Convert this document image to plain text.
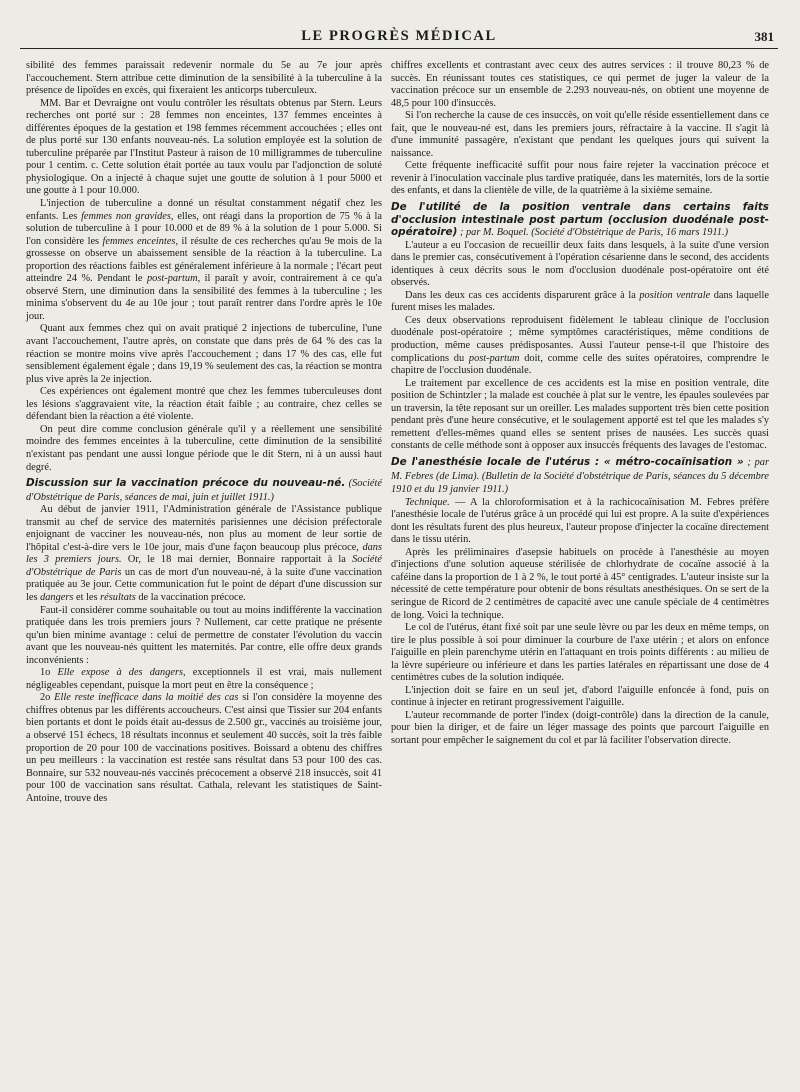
LE PROGRÈS MÉDICAL	381

sibilité des femmes paraissait redevenir normale du 5e au 7e jour après l'accouchement. Stern attribue cette diminution de la sensibilité à la tuberculine à la présence de lipoïdes en excès, qui fixeraient les anticorps tuberculeux.

MM. Bar et Devraigne ont voulu contrôler les résultats obtenus par Stern. Leurs recherches ont porté sur : 28 femmes non enceintes, 137 femmes enceintes à différentes époques de la gestation et 198 femmes récemment accouchées ; elles ont de plus porté sur 130 enfants nouveau-nés. La solution employée est la solution de tuberculine préparée par l'Institut Pasteur à raison de 10 milligrammes de tuberculine pour 1 centim. c. Cette solution était portée au taux voulu par l'adjonction de soluté physiologique. On a injecté à chaque sujet une goutte de solution à 1 pour 5000 et une goutte à 1 pour 10.000.

L'injection de tuberculine a donné un résultat constamment négatif chez les enfants. Les femmes non gravides, elles, ont réagi dans la proportion de 75 % à la solution de tuberculine à 1 pour 10.000 et de 89 % à la solution de 1 pour 5.000. Si l'on considère les femmes enceintes, il résulte de ces recherches qu'au 9e mois de la grossesse on observe un abaissement sensible de la réaction à la tuberculine. La proportion des réactions faibles est généralement inférieure à la normale ; l'écart peut atteindre 24 %. Pendant le post-partum, il paraît y avoir, contrairement à ce qu'a observé Stern, une diminution dans la sensibilité des femmes à la tuberculine ; les minima s'observent du 4e au 10e jour ; tout paraît rentrer dans l'ordre après le 10e jour.

Quant aux femmes chez qui on avait pratiqué 2 injections de tuberculine, l'une avant l'accouchement, l'autre après, on constate que dans près de 64 % des cas la réaction se montre moins vive après l'accouchement ; dans 17 % des cas, elle fut sensiblement également égale ; dans 19,19 % seulement des cas, la réaction se montra plus vive après la 2e injection.

Ces expériences ont également montré que chez les femmes tuberculeuses dont les lésions s'aggravaient vite, la réaction était faible ; au contraire, chez celles se défendant bien la réaction a été violente.

On peut dire comme conclusion générale qu'il y a réellement une sensibilité moindre des femmes enceintes à la tuberculine, cette diminution de la sensibilité n'existant pas pendant une aussi longue période que le dit Stern, ni à un aussi haut degré.

Discussion sur la vaccination précoce du nouveau-né. (Société d'Obstétrique de Paris, séances de mai, juin et juillet 1911.)

Au début de janvier 1911, l'Administration générale de l'Assistance publique transmit au chef de service des maternités parisiennes une décision préfectorale enjoignant de vacciner les nouveau-nés, non plus au moment de leur sortie de l'hôpital c'est-à-dire vers le 10e jour, mais d'une façon beaucoup plus précoce, dans les 3 premiers jours. Or, le 18 mai dernier, Bonnaire rapportait à la Société d'Obstétrique de Paris un cas de mort d'un nouveau-né, à la suite d'une vaccination pratiquée au 3e jour. Cette communication fut le point de départ d'une discussion sur les dangers et les résultats de la vaccination précoce.

Faut-il considérer comme souhaitable ou tout au moins indifférente la vaccination pratiquée dans les trois premiers jours ? Nullement, car cette pratique ne présente qu'un bien minime avantage : celui de permettre de constater l'évolution du vaccin avant que les nouveau-nés quittent les maternités. Par contre, elle offre deux grands inconvénients :

1o Elle expose à des dangers, exceptionnels il est vrai, mais nullement négligeables cependant, puisque la mort peut en être la conséquence ;

2o Elle reste inefficace dans la moitié des cas si l'on considère la moyenne des chiffres obtenus par les différents accoucheurs. C'est ainsi que Tissier sur 204 enfants bien portants et dont le poids était au-dessus de 2.500 gr., vaccinés au troisième jour, a observé 151 échecs, 18 résultats inconnus et seulement 40 succès, soit la très faible proportion de 20 pour 100 de vaccinations positives. Boissard a obtenu des chiffres un peu meilleurs : la vaccination est restée sans résultat dans 53 pour 100 des cas. Bonnaire, sur 532 nouveau-nés vaccinés précocement a observé 218 insuccès, soit 41 pour 100 de vaccination sans résultat. Cathala, relevant les statistiques de Saint-Antoine, trouve des

chiffres excellents et contrastant avec ceux des autres services : il trouve 80,23 % de succès. En réunissant toutes ces statistiques, ce qui permet de juger la valeur de la vaccination précoce sur un ensemble de 2.293 nouveau-nés, on obtient une moyenne de 48,5 pour 100 d'insuccès.

Si l'on recherche la cause de ces insuccès, on voit qu'elle réside essentiellement dans ce fait, que le nouveau-né est, dans les premiers jours, réfractaire à la vaccine. Il s'agit là d'une immunité passagère, n'existant que pendant les quelques jours qui suivent la naissance.

Cette fréquente inefficacité suffit pour nous faire rejeter la vaccination précoce et revenir à l'inoculation vaccinale plus tardive pratiquée, dans les maternités, lors de la sortie des enfants, et dans la clientèle de ville, de la quatrième à la sixième semaine.

De l'utilité de la position ventrale dans certains faits d'occlusion intestinale post partum (occlusion duodénale post-opératoire) ; par M. Boquel. (Société d'Obstétrique de Paris, 16 mars 1911.)

L'auteur a eu l'occasion de recueillir deux faits dans lesquels, à la suite d'une version dans le premier cas, consécutivement à l'opération césarienne dans le second, des accidents identiques à ceux décrits sous le nom d'occlusion duodénale post-opératoire ont été observés.

Dans les deux cas ces accidents disparurent grâce à la position ventrale dans laquelle furent mises les malades.

Ces deux observations reproduisent fidèlement le tableau clinique de l'occlusion duodénale post-opératoire ; même symptômes caractéristiques, même conditions de production, même causes prédisposantes. Aussi l'auteur pense-t-il que l'histoire des complications du post-partum doit, comme celle des suites opératoires, comprendre le chapitre de l'occlusion duodénale.

Le traitement par excellence de ces accidents est la mise en position ventrale, dite position de Schintzler ; la malade est couchée à plat sur le ventre, les épaules soulevées par un traversin, la tête reposant sur un oreiller. Les malades supportent très bien cette position pendant près d'une heure consécutive, et le soulagement apporté est tel que les malades s'y remettent d'elles-mêmes quand elles se sentent prises de nausées. Les succès quasi constants de celle méthode sont à opposer aux insuccès fréquents des lavages de l'estomac.

De l'anesthésie locale de l'utérus : « métro-cocaïnisation » ; par M. Febres (de Lima). (Bulletin de la Société d'obstétrique de Paris, séances du 5 décembre 1910 et du 19 janvier 1911.)

Technique. — A la chloroformisation et à la rachicocaïnisation M. Febres préfère l'anesthésie locale de l'utérus grâce à un procédé qui lui est propre. A la suite d'expériences dont les résultats furent des plus heureux, l'auteur propose d'injecter la cocaïne directement dans le tissu utérin.

Après les préliminaires d'asepsie habituels on procède à l'anesthésie au moyen d'injections d'une solution aqueuse stérilisée de chlorhydrate de cocaïne associé à la caféine dans la proportion de 1 à 2 %, le tout porté à 45° centigrades. L'auteur insiste sur la nécessité de cette température pour obtenir de bons résultats anesthésiques. On se sert de la seringue de Ricord de 2 centimètres de capacité avec une canule spéciale de 4 centimètres de long. Voici la technique.

Le col de l'utérus, étant fixé soit par une seule lèvre ou par les deux en même temps, on tire le plus possible à soi pour diminuer la courbure de l'axe utérin ; et alors on enfonce l'aiguille en plein parenchyme utérin en l'attaquant en trois points différents : au milieu de la lèvre supérieure ou inférieure et dans les parties latérales en répartissant une dose de 4 centimètres cubes de la solution indiquée.

L'injection doit se faire en un seul jet, d'abord l'aiguille enfoncée à fond, puis on continue à injecter en retirant progressivement l'aiguille.

L'auteur recommande de porter l'index (doigt-contrôle) dans la direction de la canule, pour bien la diriger, et de faire un léger massage des points que parcourt l'aiguille en sortant pour empêcher le saignement du col et par là faciliter l'observation directe.
